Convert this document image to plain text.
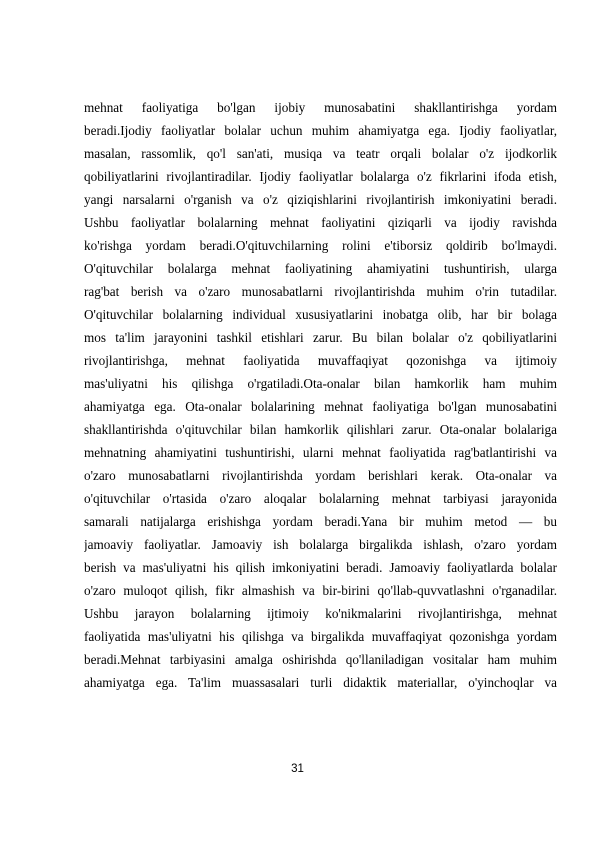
mehnat faoliyatiga bo'lgan ijobiy munosabatini shakllantirishga yordam
beradi.Ijodiy faoliyatlar bolalar uchun muhim ahamiyatga ega. Ijodiy faoliyatlar,
masalan, rassomlik, qo'l san'ati, musiqa va teatr orqali bolalar o'z ijodkorlik
qobiliyatlarini rivojlantiradilar. Ijodiy faoliyatlar bolalarga o'z fikrlarini ifoda etish,
yangi narsalarni o'rganish va o'z qiziqishlarini rivojlantirish imkoniyatini beradi.
Ushbu faoliyatlar bolalarning mehnat faoliyatini qiziqarli va ijodiy ravishda
ko'rishga yordam beradi.O'qituvchilarning rolini e'tiborsiz qoldirib bo'lmaydi.
O'qituvchilar bolalarga mehnat faoliyatining ahamiyatini tushuntirish, ularga
rag'bat berish va o'zaro munosabatlarni rivojlantirishda muhim o'rin tutadilar.
O'qituvchilar bolalarning individual xususiyatlarini inobatga olib, har bir bolaga
mos ta'lim jarayonini tashkil etishlari zarur. Bu bilan bolalar o'z qobiliyatlarini
rivojlantirishga, mehnat faoliyatida muvaffaqiyat qozonishga va ijtimoiy
mas'uliyatni his qilishga o'rgatiladi.Ota-onalar bilan hamkorlik ham muhim
ahamiyatga ega. Ota-onalar bolalarining mehnat faoliyatiga bo'lgan munosabatini
shakllantirishda o'qituvchilar bilan hamkorlik qilishlari zarur. Ota-onalar bolalariga
mehnatning ahamiyatini tushuntirishi, ularni mehnat faoliyatida rag'batlantirishi va
o'zaro munosabatlarni rivojlantirishda yordam berishlari kerak. Ota-onalar va
o'qituvchilar o'rtasida o'zaro aloqalar bolalarning mehnat tarbiyasi jarayonida
samarali natijalarga erishishga yordam beradi.Yana bir muhim metod — bu
jamoaviy faoliyatlar. Jamoaviy ish bolalarga birgalikda ishlash, o'zaro yordam
berish va mas'uliyatni his qilish imkoniyatini beradi. Jamoaviy faoliyatlarda bolalar
o'zaro muloqot qilish, fikr almashish va bir-birini qo'llab-quvvatlashni o'rganadilar.
Ushbu jarayon bolalarning ijtimoiy ko'nikmalarini rivojlantirishga, mehnat
faoliyatida mas'uliyatni his qilishga va birgalikda muvaffaqiyat qozonishga yordam
beradi.Mehnat tarbiyasini amalga oshirishda qo'llaniladigan vositalar ham muhim
ahamiyatga ega. Ta'lim muassasalari turli didaktik materiallar, o'yinchoqlar va
31
